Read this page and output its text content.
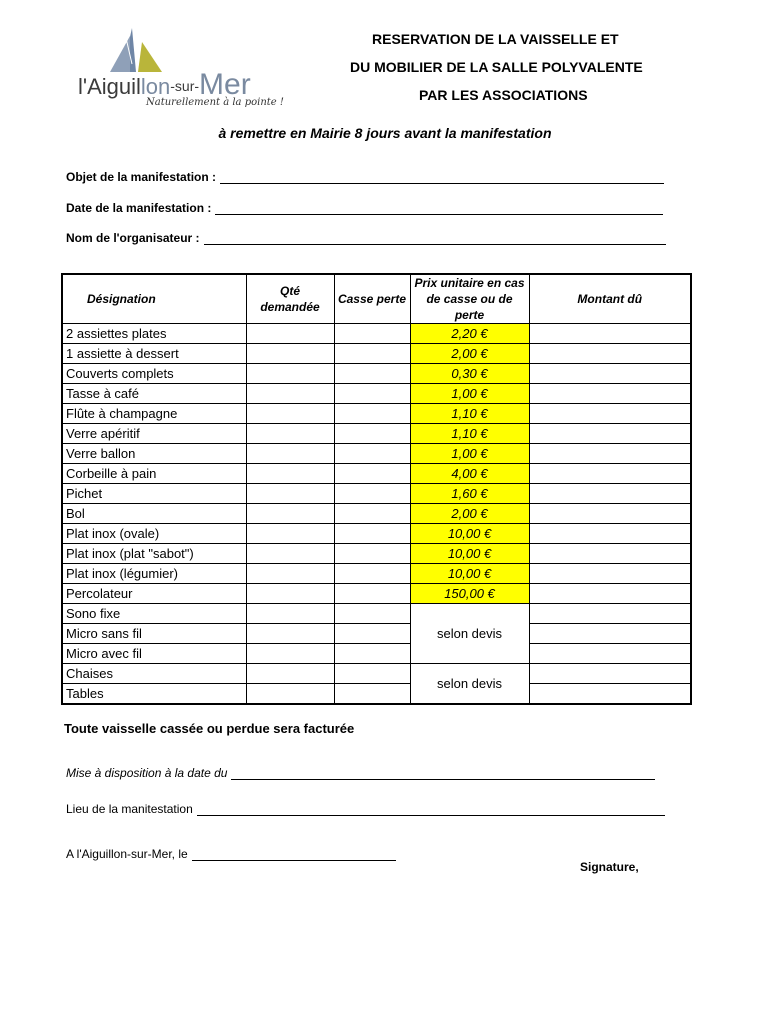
l'Aiguillon-sur-Mer
Naturellement à la pointe !
RESERVATION DE LA VAISSELLE ET
DU MOBILIER DE LA SALLE POLYVALENTE
PAR LES ASSOCIATIONS
à remettre en Mairie 8 jours avant la manifestation
Objet de la manifestation :
Date de la manifestation :
Nom de l'organisateur :
Désignation	Qté demandée	Casse perte	Prix unitaire en cas de casse ou de perte	Montant dû
2 assiettes plates			2,20 €	
1 assiette à dessert			2,00 €	
Couverts complets			0,30 €	
Tasse à café			1,00 €	
Flûte à champagne			1,10 €	
Verre apéritif			1,10 €	
Verre ballon			1,00 €	
Corbeille à pain			4,00 €	
Pichet			1,60 €	
Bol			2,00 €	
Plat inox (ovale)			10,00 €	
Plat inox (plat "sabot")			10,00 €	
Plat inox (légumier)			10,00 €	
Percolateur			150,00 €	
Sono fixe			selon devis	
Micro sans fil				
Micro avec fil				
Chaises			selon devis	
Tables				
Toute vaisselle cassée ou perdue sera facturée
Mise à disposition à la date du
Lieu de la manitestation
A l'Aiguillon-sur-Mer, le
Signature,
